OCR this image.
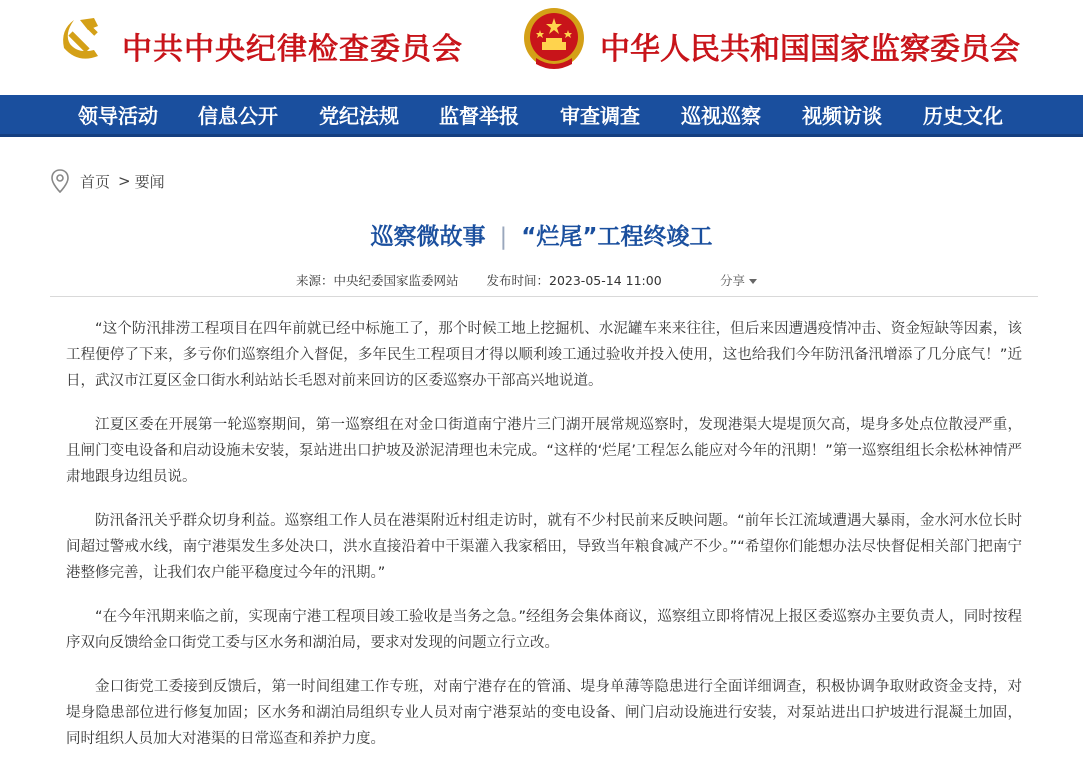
中共中央纪律检查委员会	中华人民共和国国家监察委员会
领导活动 信息公开 党纪法规 监督举报 审查调查 巡视巡察 视频访谈 历史文化
首页 > 要闻
巡察微故事 | “烂尾”工程终竣工
来源：中央纪委国家监委网站 发布时间：2023-05-14 11:00	分享

“这个防汛排涝工程项目在四年前就已经中标施工了，那个时候工地上挖掘机、水泥罐车来来往往，但后来因遭遇疫情冲击、资金短缺等因素，该工程便停了下来，多亏你们巡察组介入督促，多年民生工程项目才得以顺利竣工通过验收并投入使用，这也给我们今年防汛备汛增添了几分底气！”近日，武汉市江夏区金口街水利站站长毛恩对前来回访的区委巡察办干部高兴地说道。

江夏区委在开展第一轮巡察期间，第一巡察组在对金口街道南宁港片三门湖开展常规巡察时，发现港渠大堤堤顶欠高，堤身多处点位散浸严重，且闸门变电设备和启动设施未安装，泵站进出口护坡及淤泥清理也未完成。“这样的‘烂尾’工程怎么能应对今年的汛期！”第一巡察组组长余松林神情严肃地跟身边组员说。

防汛备汛关乎群众切身利益。巡察组工作人员在港渠附近村组走访时，就有不少村民前来反映问题。“前年长江流域遭遇大暴雨，金水河水位长时间超过警戒水线，南宁港渠发生多处决口，洪水直接沿着中干渠灌入我家稻田，导致当年粮食减产不少。”“希望你们能想办法尽快督促相关部门把南宁港整修完善，让我们农户能平稳度过今年的汛期。”

“在今年汛期来临之前，实现南宁港工程项目竣工验收是当务之急。”经组务会集体商议，巡察组立即将情况上报区委巡察办主要负责人，同时按程序双向反馈给金口街党工委与区水务和湖泊局，要求对发现的问题立行立改。

金口街党工委接到反馈后，第一时间组建工作专班，对南宁港存在的管涌、堤身单薄等隐患进行全面详细调查，积极协调争取财政资金支持，对堤身隐患部位进行修复加固；区水务和湖泊局组织专业人员对南宁港泵站的变电设备、闸门启动设施进行安装，对泵站进出口护坡进行混凝土加固，同时组织人员加大对港渠的日常巡查和养护力度。
